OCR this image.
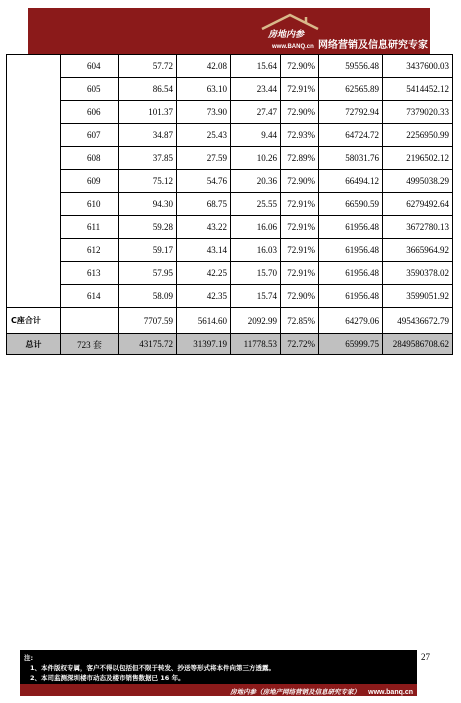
房地内参
www.BANQ.cn 网络营销及信息研究专家
	604	57.72	42.08	15.64	72.90%	59556.48	3437600.03
	605	86.54	63.10	23.44	72.91%	62565.89	5414452.12
	606	101.37	73.90	27.47	72.90%	72792.94	7379020.33
	607	34.87	25.43	9.44	72.93%	64724.72	2256950.99
	608	37.85	27.59	10.26	72.89%	58031.76	2196502.12
	609	75.12	54.76	20.36	72.90%	66494.12	4995038.29
	610	94.30	68.75	25.55	72.91%	66590.59	6279492.64
	611	59.28	43.22	16.06	72.91%	61956.48	3672780.13
	612	59.17	43.14	16.03	72.91%	61956.48	3665964.92
	613	57.95	42.25	15.70	72.91%	61956.48	3590378.02
	614	58.09	42.35	15.74	72.90%	61956.48	3599051.92
C座合计		7707.59	5614.60	2092.99	72.85%	64279.06	495436672.79
总计	723 套	43175.72	31397.19	11778.53	72.72%	65999.75	2849586708.62
27
注:
1、本件版权专属，客户不得以包括但不限于转发、抄送等形式将本件向第三方透露。
2、本司监测深圳楼市动态及楼市销售数据已 16 年。
房地内参（房地产网络营销及信息研究专家） www.banq.cn
